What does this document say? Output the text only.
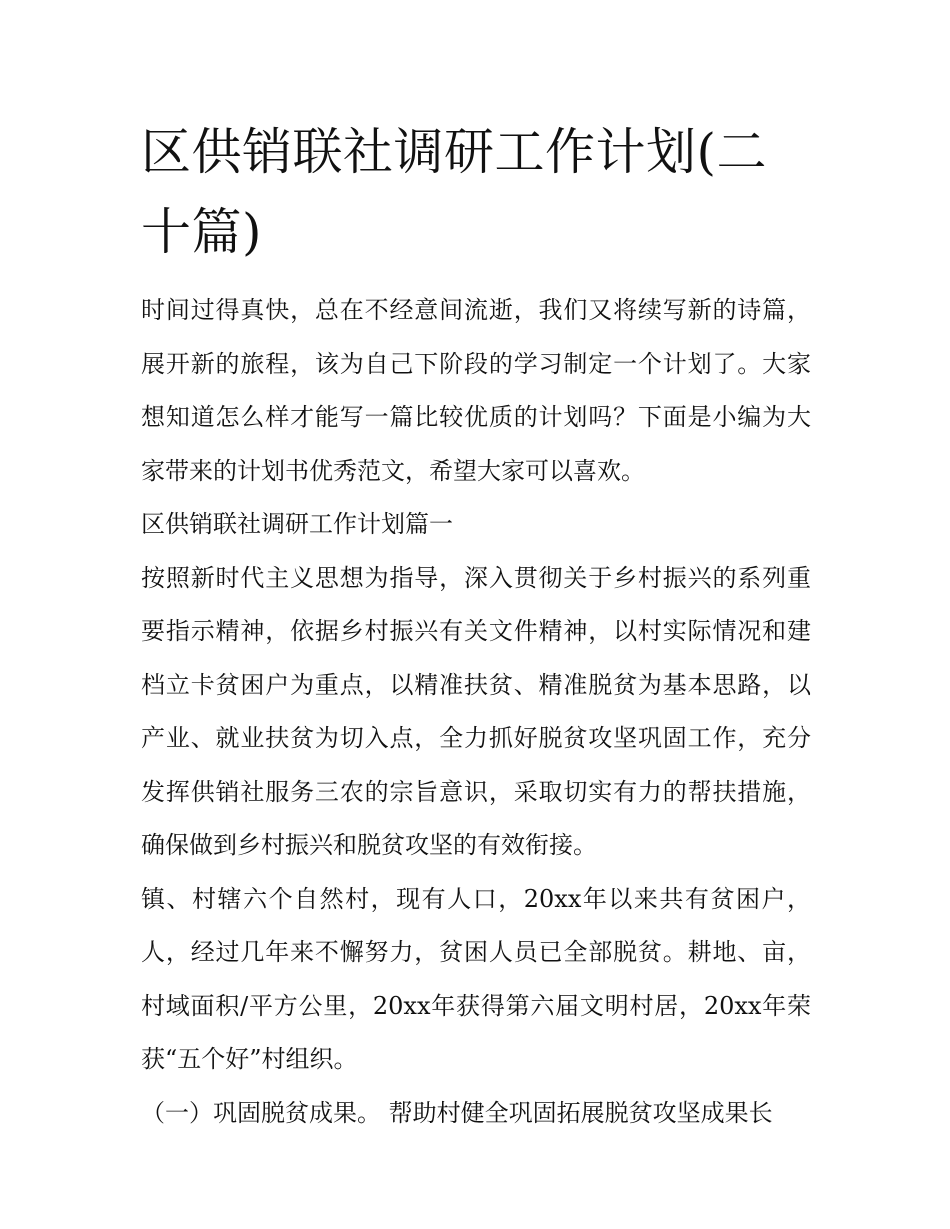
区供销联社调研工作计划(二十篇)

时间过得真快，总在不经意间流逝，我们又将续写新的诗篇，展开新的旅程，该为自己下阶段的学习制定一个计划了。大家想知道怎么样才能写一篇比较优质的计划吗？下面是小编为大家带来的计划书优秀范文，希望大家可以喜欢。

区供销联社调研工作计划篇一

按照新时代主义思想为指导，深入贯彻关于乡村振兴的系列重要指示精神，依据乡村振兴有关文件精神，以村实际情况和建档立卡贫困户为重点，以精准扶贫、精准脱贫为基本思路，以产业、就业扶贫为切入点，全力抓好脱贫攻坚巩固工作，充分发挥供销社服务三农的宗旨意识，采取切实有力的帮扶措施，确保做到乡村振兴和脱贫攻坚的有效衔接。

镇、村辖六个自然村，现有人口，20xx年以来共有贫困户，人，经过几年来不懈努力，贫困人员已全部脱贫。耕地、亩，村域面积/平方公里，20xx年获得第六届文明村居，20xx年荣获“五个好”村组织。

（一）巩固脱贫成果。 帮助村健全巩固拓展脱贫攻坚成果长
